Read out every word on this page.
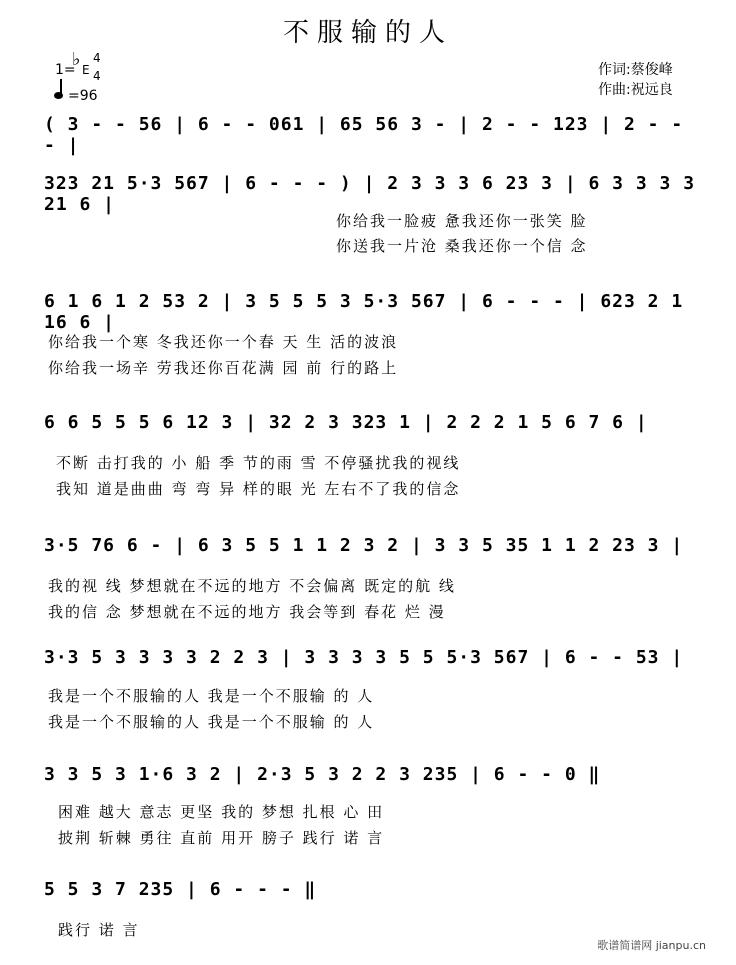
不服输的人
1=
♭ E
4
4
=96
作词:蔡俊峰
作曲:祝远良
( 3 - - 56 | 6 - - 061 | 65 56 3 - | 2 - - 123 | 2 - - - |
323 21 5·3 567 | 6 - - - ) | 2 3 3 3 6 23 3 | 6 3 3 3 3 21 6 |
你给我一脸疲 惫我还你一张笑 脸
你送我一片沧 桑我还你一个信 念
6 1 6 1 2 53 2 | 3 5 5 5 3 5·3 567 | 6 - - - | 623 2 1 16 6 |
你给我一个寒 冬我还你一个春 天 生 活的波浪
你给我一场辛 劳我还你百花满 园 前 行的路上
6 6 5 5 5 6 12 3 | 32 2 3 323 1 | 2 2 2 1 5 6 7 6 |
不断 击打我的 小 船 季 节的雨 雪 不停骚扰我的视线
我知 道是曲曲 弯 弯 异 样的眼 光 左右不了我的信念
3·5 76 6 - | 6 3 5 5 1 1 2 3 2 | 3 3 5 35 1 1 2 23 3 |
我的视 线 梦想就在不远的地方 不会偏离 既定的航 线
我的信 念 梦想就在不远的地方 我会等到 春花 烂 漫
3·3 5 3 3 3 3 2 2 3 | 3 3 3 3 5 5 5·3 567 | 6 - - 53 |
我是一个不服输的人 我是一个不服输 的 人
我是一个不服输的人 我是一个不服输 的 人
3 3 5 3 1·6 3 2 | 2·3 5 3 2 2 3 235 | 6 - - 0 ‖
困难 越大 意志 更坚 我的 梦想 扎根 心 田
披荆 斩棘 勇往 直前 用开 膀子 践行 诺 言
5 5 3 7 235 | 6 - - - ‖
践行 诺 言
歌谱简谱网 jianpu.cn
